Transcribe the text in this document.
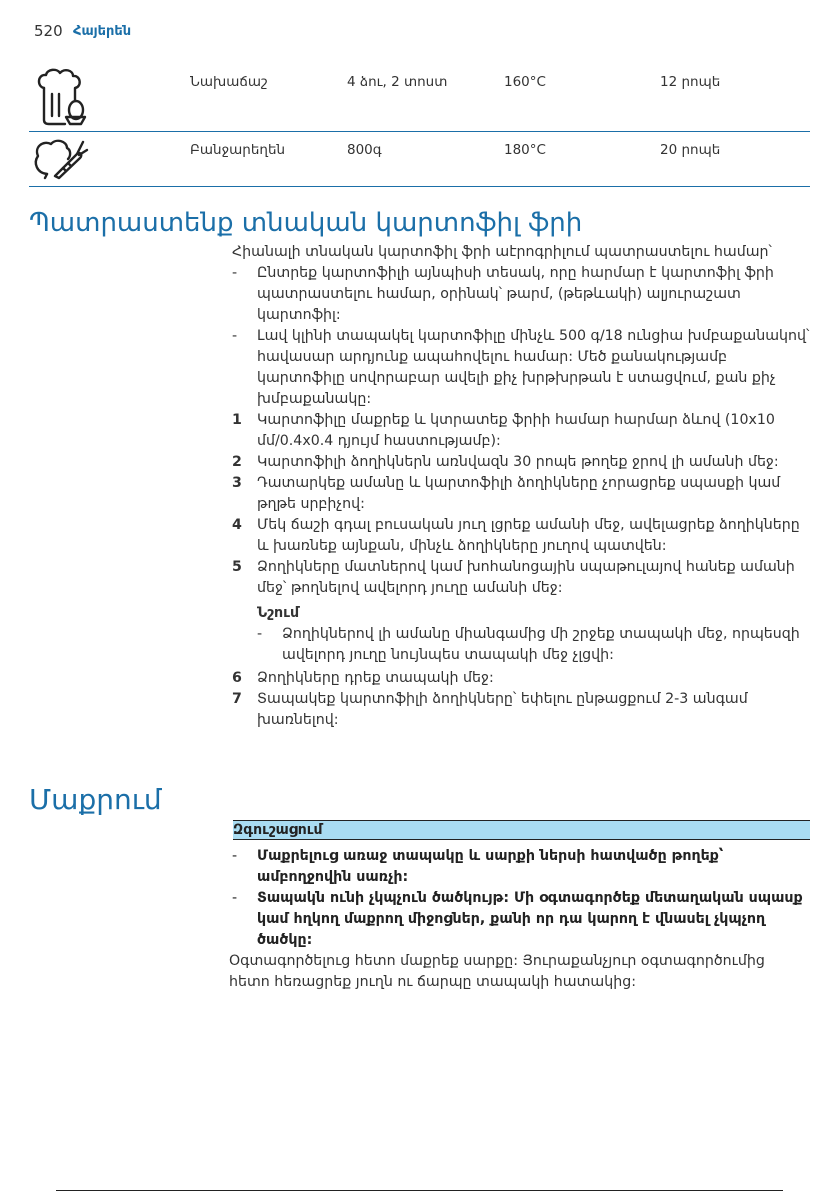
520 Հայերեն
Նախաճաշ	4 ձու, 2 տոստ	160°C	12 րոպե
Բանջարեղեն	800գ	180°C	20 րոպե
Պատրաստենք տնական կարտոֆիլ ֆրի
Հիանալի տնական կարտոֆիլ ֆրի աէրոգրիլում պատրաստելու համար՝
- Ընտրեք կարտոֆիլի այնպիսի տեսակ, որը հարմար է կարտոֆիլ ֆրի պատրաստելու համար, օրինակ՝ թարմ, (թեթևակի) ալյուրաշատ կարտոֆիլ:
- Լավ կլինի տապակել կարտոֆիլը մինչև 500 գ/18 ունցիա խմբաքանակով՝ հավասար արդյունք ապահովելու համար: Մեծ քանակությամբ կարտոֆիլը սովորաբար ավելի քիչ խրթխրթան է ստացվում, քան քիչ խմբաքանակը:
1 Կարտոֆիլը մաքրեք և կտրատեք ֆրիի համար հարմար ձևով (10x10 մմ/0.4x0.4 դյույմ հաստությամբ):
2 Կարտոֆիլի ձողիկներն առնվազն 30 րոպե թողեք ջրով լի ամանի մեջ:
3 Դատարկեք ամանը և կարտոֆիլի ձողիկները չորացրեք սպասքի կամ թղթե սրբիչով:
4 Մեկ ճաշի գդալ բուսական յուղ լցրեք ամանի մեջ, ավելացրեք ձողիկները և խառնեք այնքան, մինչև ձողիկները յուղով պատվեն:
5 Ձողիկները մատներով կամ խոհանոցային սպաթուլայով հանեք ամանի մեջ՝ թողնելով ավելորդ յուղը ամանի մեջ:
Նշում
- Ձողիկներով լի ամանը միանգամից մի շրջեք տապակի մեջ, որպեսզի ավելորդ յուղը նույնպես տապակի մեջ չլցվի:
6 Ձողիկները դրեք տապակի մեջ:
7 Տապակեք կարտոֆիլի ձողիկները՝ եփելու ընթացքում 2-3 անգամ խառնելով:
Մաքրում
Զգուշացում
- Մաքրելուց առաջ տապակը և սարքի ներսի հատվածը թողեք՝ ամբողջովին սառչի:
- Տապակն ունի չկպչուն ծածկույթ: Մի օգտագործեք մետաղական սպասք կամ հղկող մաքրող միջոցներ, քանի որ դա կարող է վնասել չկպչող ծածկը:
Օգտագործելուց հետո մաքրեք սարքը: Յուրաքանչյուր օգտագործումից հետո հեռացրեք յուղն ու ճարպը տապակի հատակից:
